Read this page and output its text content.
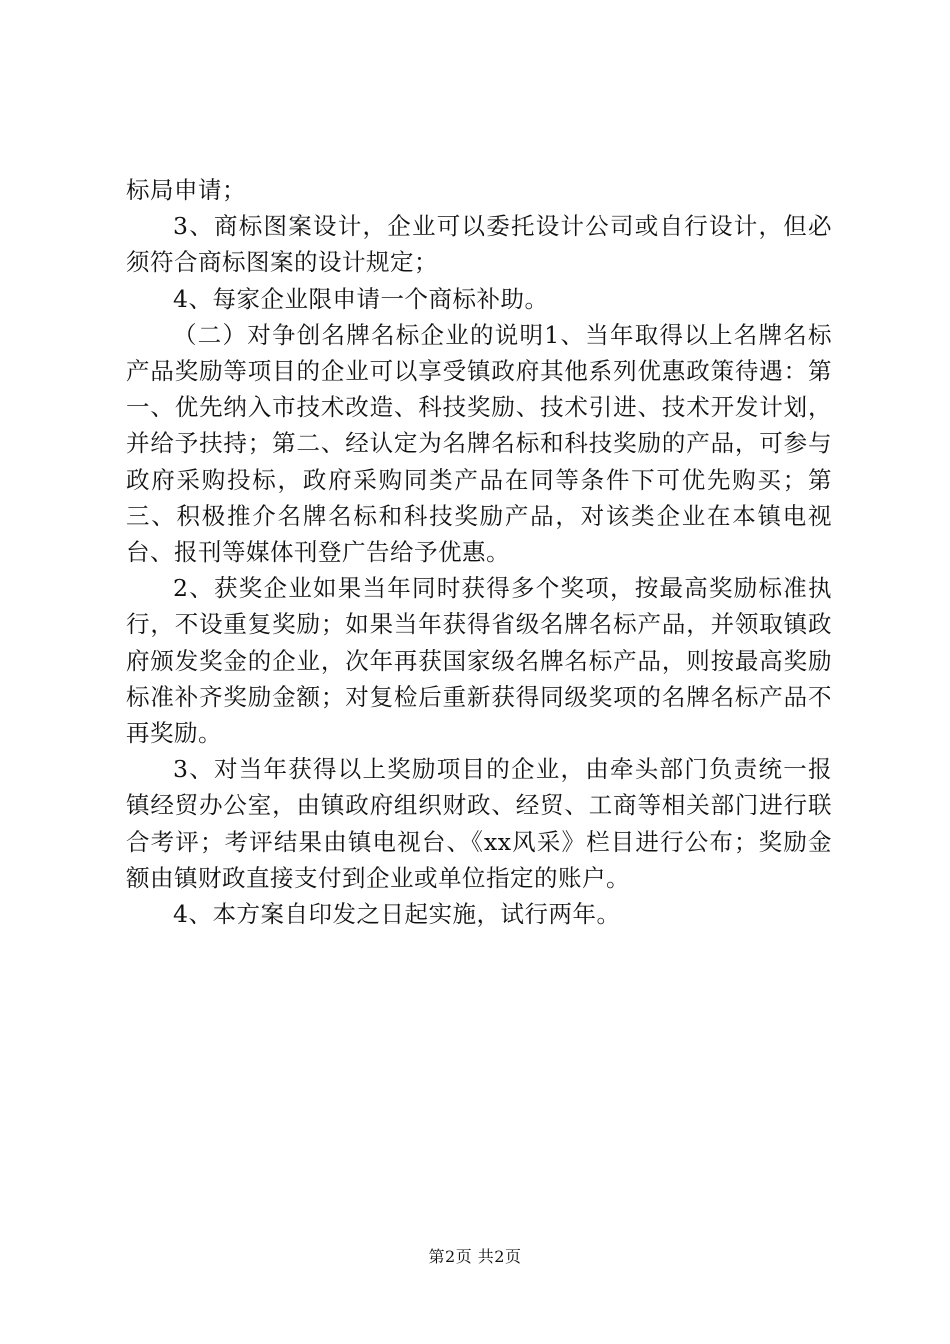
标局申请；

3、商标图案设计，企业可以委托设计公司或自行设计，但必须符合商标图案的设计规定；

4、每家企业限申请一个商标补助。

（二）对争创名牌名标企业的说明1、当年取得以上名牌名标产品奖励等项目的企业可以享受镇政府其他系列优惠政策待遇：第一、优先纳入市技术改造、科技奖励、技术引进、技术开发计划，并给予扶持；第二、经认定为名牌名标和科技奖励的产品，可参与政府采购投标，政府采购同类产品在同等条件下可优先购买；第三、积极推介名牌名标和科技奖励产品，对该类企业在本镇电视台、报刊等媒体刊登广告给予优惠。

2、获奖企业如果当年同时获得多个奖项，按最高奖励标准执行，不设重复奖励；如果当年获得省级名牌名标产品，并领取镇政府颁发奖金的企业，次年再获国家级名牌名标产品，则按最高奖励标准补齐奖励金额；对复检后重新获得同级奖项的名牌名标产品不再奖励。

3、对当年获得以上奖励项目的企业，由牵头部门负责统一报镇经贸办公室，由镇政府组织财政、经贸、工商等相关部门进行联合考评；考评结果由镇电视台、《xx风采》栏目进行公布；奖励金额由镇财政直接支付到企业或单位指定的账户。

4、本方案自印发之日起实施，试行两年。

第2页 共2页
